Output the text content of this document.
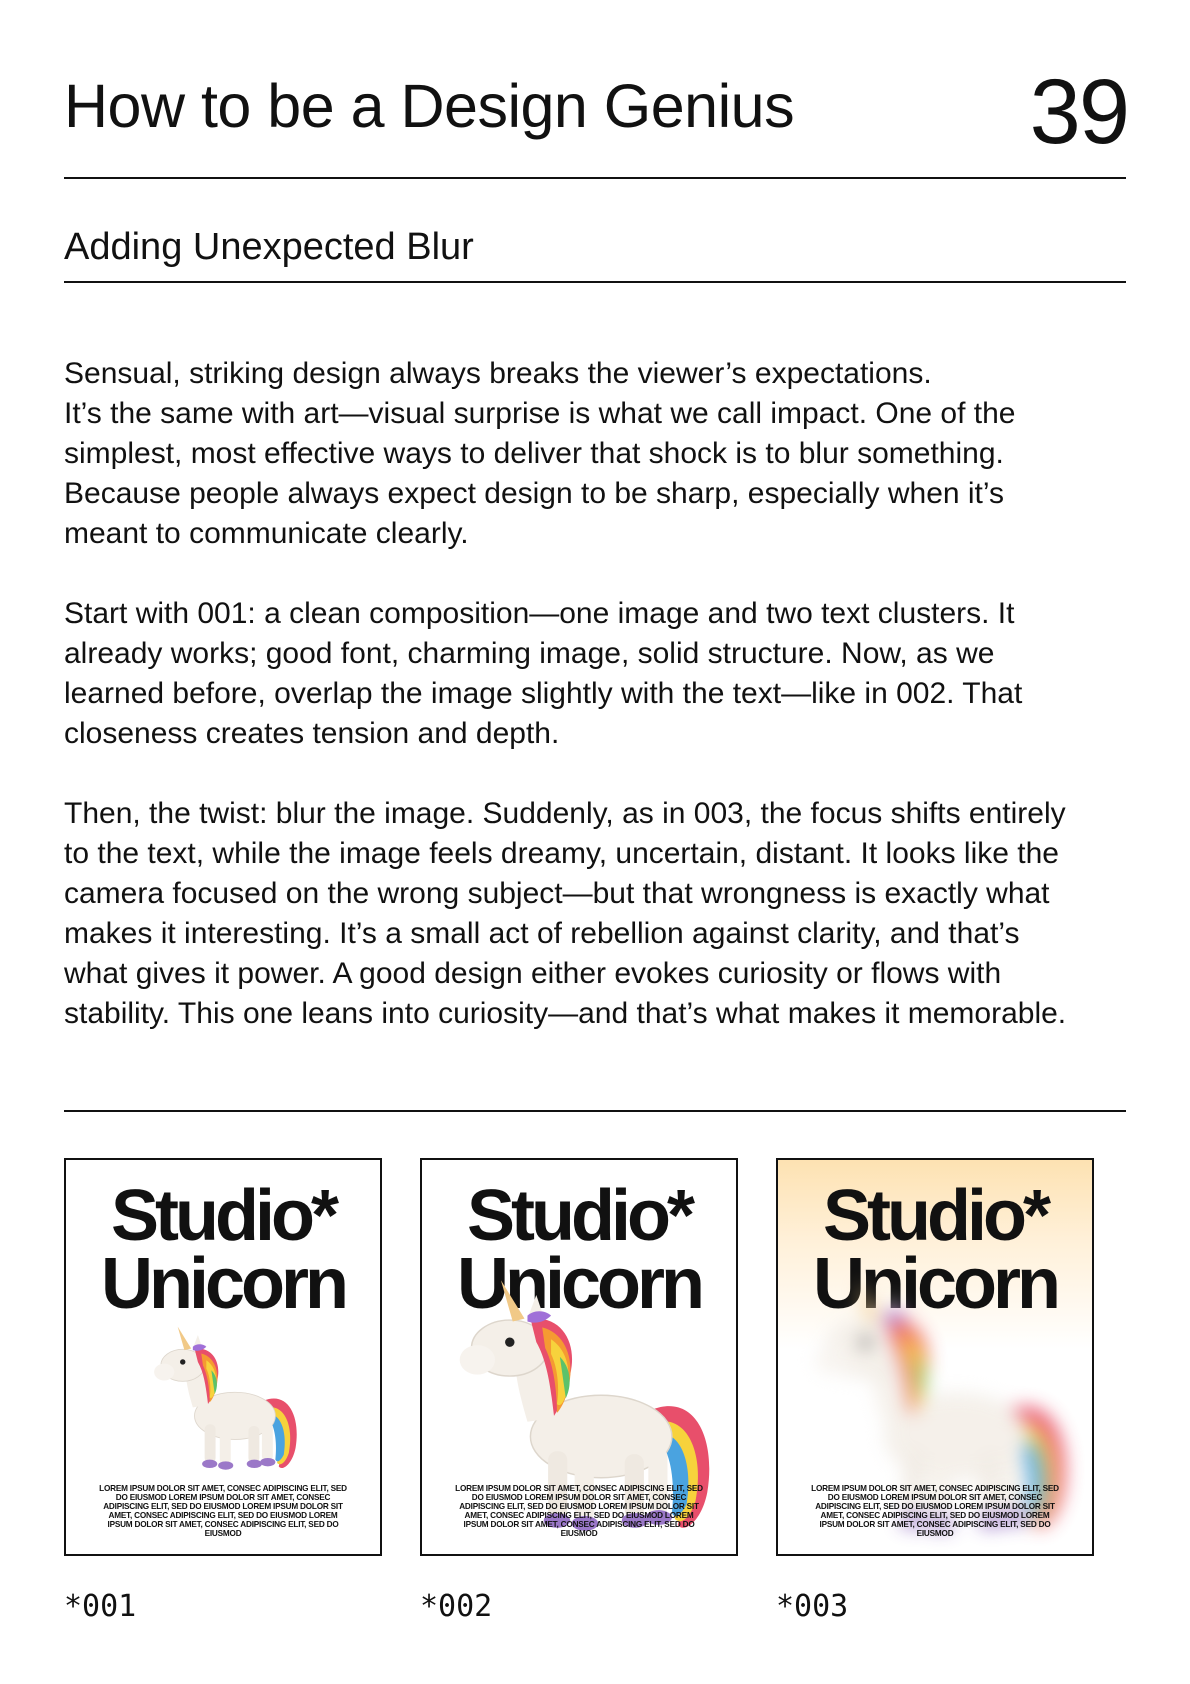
How to be a Design Genius	39
Adding Unexpected Blur

Sensual, striking design always breaks the viewer’s expectations.
It’s the same with art—visual surprise is what we call impact. One of the
simplest, most effective ways to deliver that shock is to blur something.
Because people always expect design to be sharp, especially when it’s
meant to communicate clearly.

Start with 001: a clean composition—one image and two text clusters. It
already works; good font, charming image, solid structure. Now, as we
learned before, overlap the image slightly with the text—like in 002. That
closeness creates tension and depth.

Then, the twist: blur the image. Suddenly, as in 003, the focus shifts entirely
to the text, while the image feels dreamy, uncertain, distant. It looks like the
camera focused on the wrong subject—but that wrongness is exactly what
makes it interesting. It’s a small act of rebellion against clarity, and that’s
what gives it power. A good design either evokes curiosity or flows with
stability. This one leans into curiosity—and that’s what makes it memorable.

Studio*
Unicorn
LOREM IPSUM DOLOR SIT AMET, CONSEC ADIPISCING ELIT, SED DO EIUSMOD LOREM IPSUM DOLOR SIT AMET, CONSEC ADIPISCING ELIT, SED DO EIUSMOD LOREM IPSUM DOLOR SIT AMET, CONSEC ADIPISCING ELIT, SED DO EIUSMOD LOREM IPSUM DOLOR SIT AMET, CONSEC ADIPISCING ELIT, SED DO EIUSMOD
*001
Studio*
Unicorn
LOREM IPSUM DOLOR SIT AMET, CONSEC ADIPISCING ELIT, SED DO EIUSMOD LOREM IPSUM DOLOR SIT AMET, CONSEC ADIPISCING ELIT, SED DO EIUSMOD LOREM IPSUM DOLOR SIT AMET, CONSEC ADIPISCING ELIT, SED DO EIUSMOD LOREM IPSUM DOLOR SIT AMET, CONSEC ADIPISCING ELIT, SED DO EIUSMOD
*002
Studio*
Unicorn
LOREM IPSUM DOLOR SIT AMET, CONSEC ADIPISCING ELIT, SED DO EIUSMOD LOREM IPSUM DOLOR SIT AMET, CONSEC ADIPISCING ELIT, SED DO EIUSMOD LOREM IPSUM DOLOR SIT AMET, CONSEC ADIPISCING ELIT, SED DO EIUSMOD LOREM IPSUM DOLOR SIT AMET, CONSEC ADIPISCING ELIT, SED DO EIUSMOD
*003
